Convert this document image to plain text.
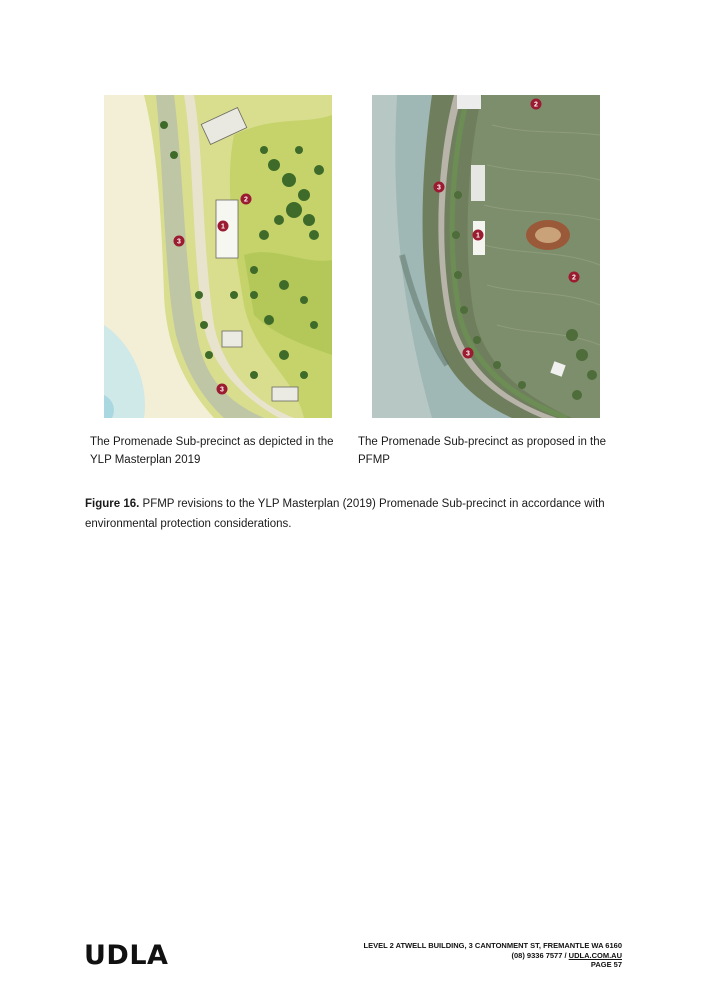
1
2
3
3
1
2
2
3
3
The Promenade Sub-precinct as depicted in the YLP Masterplan 2019
The Promenade Sub-precinct as proposed in the PFMP
Figure 16. PFMP revisions to the YLP Masterplan (2019) Promenade Sub-precinct in accordance with environmental protection considerations.
UDLA	LEVEL 2 ATWELL BUILDING, 3 CANTONMENT ST, FREMANTLE WA 6160
(08) 9336 7577 / UDLA.COM.AU
PAGE 57
